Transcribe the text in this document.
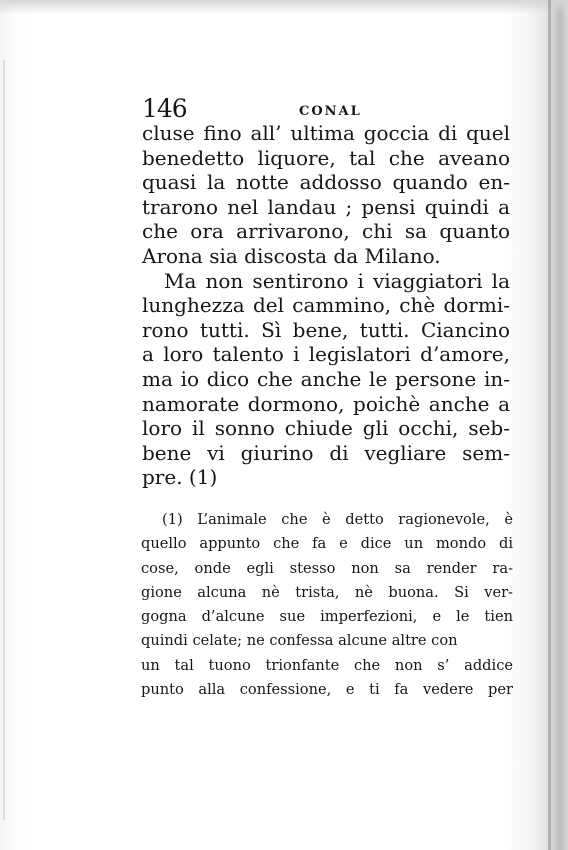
146	CONAL
cluse fino all’ ultima goccia di quel
benedetto liquore, tal che aveano
quasi la notte addosso quando en-
trarono nel landau ; pensi quindi a
che ora arrivarono, chi sa quanto
Arona sia discosta da Milano.
Ma non sentirono i viaggiatori la
lunghezza del cammino, chè dormi-
rono tutti. Sì bene, tutti. Ciancino
a loro talento i legislatori d’amore,
ma io dico che anche le persone in-
namorate dormono, poichè anche a
loro il sonno chiude gli occhi, seb-
bene vi giurino di vegliare sem-
pre. (1)
(1) L’animale che è detto ragionevole, è
quello appunto che fa e dice un mondo di
cose, onde egli stesso non sa render ra-
gione alcuna nè trista, nè buona. Si ver-
gogna d’alcune sue imperfezioni, e le tien
quindi celate; ne confessa alcune altre con
un tal tuono trionfante che non s’ addice
punto alla confessione, e ti fa vedere per
